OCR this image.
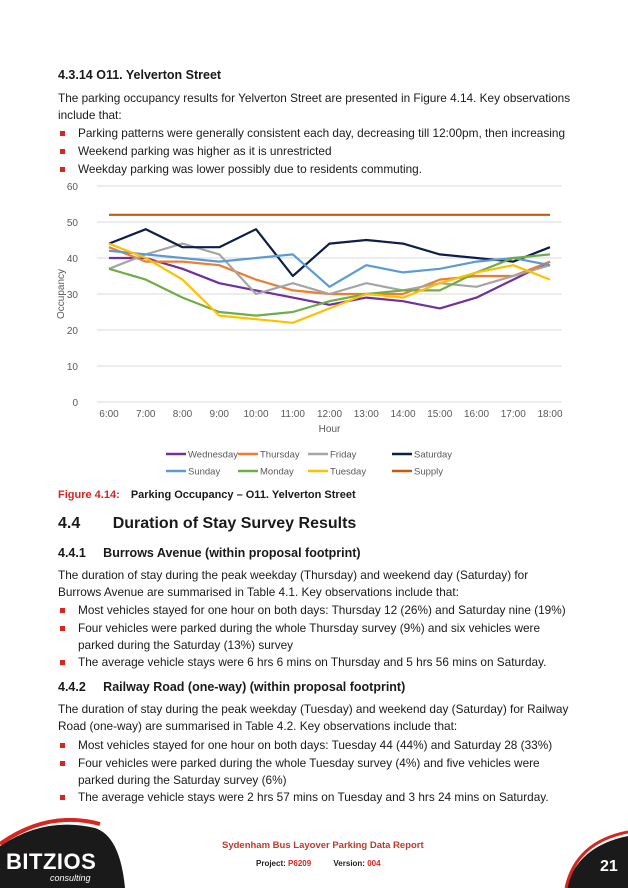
4.3.14 O11. Yelverton Street
The parking occupancy results for Yelverton Street are presented in Figure 4.14. Key observations include that:
Parking patterns were generally consistent each day, decreasing till 12:00pm, then increasing
Weekend parking was higher as it is unrestricted
Weekday parking was lower possibly due to residents commuting.
0
10
20
30
40
50
60
6:00 7:00 8:00 9:00 10:00 11:00 12:00 13:00 14:00 15:00 16:00 17:00 18:00
Hour
Occupancy
Wednesday Thursday	Friday	Saturday
Sunday	Monday	Tuesday	Supply
Figure 4.14: Parking Occupancy – O11. Yelverton Street
4.4 Duration of Stay Survey Results
4.4.1     Burrows Avenue (within proposal footprint)
The duration of stay during the peak weekday (Thursday) and weekend day (Saturday) for Burrows Avenue are summarised in Table 4.1. Key observations include that:
Most vehicles stayed for one hour on both days: Thursday 12 (26%) and Saturday nine (19%)
Four vehicles were parked during the whole Thursday survey (9%) and six vehicles were parked during the Saturday (13%) survey
The average vehicle stays were 6 hrs 6 mins on Thursday and 5 hrs 56 mins on Saturday.
4.4.2     Railway Road (one-way) (within proposal footprint)
The duration of stay during the peak weekday (Tuesday) and weekend day (Saturday) for Railway Road (one-way) are summarised in Table 4.2. Key observations include that:
Most vehicles stayed for one hour on both days: Tuesday 44 (44%) and Saturday 28 (33%)
Four vehicles were parked during the whole Tuesday survey (4%) and five vehicles were parked during the Saturday survey (6%)
The average vehicle stays were 2 hrs 57 mins on Tuesday and 3 hrs 24 mins on Saturday.
BITZIOS
consulting
Sydenham Bus Layover Parking Data Report
Project: P6209	Version: 004	21
